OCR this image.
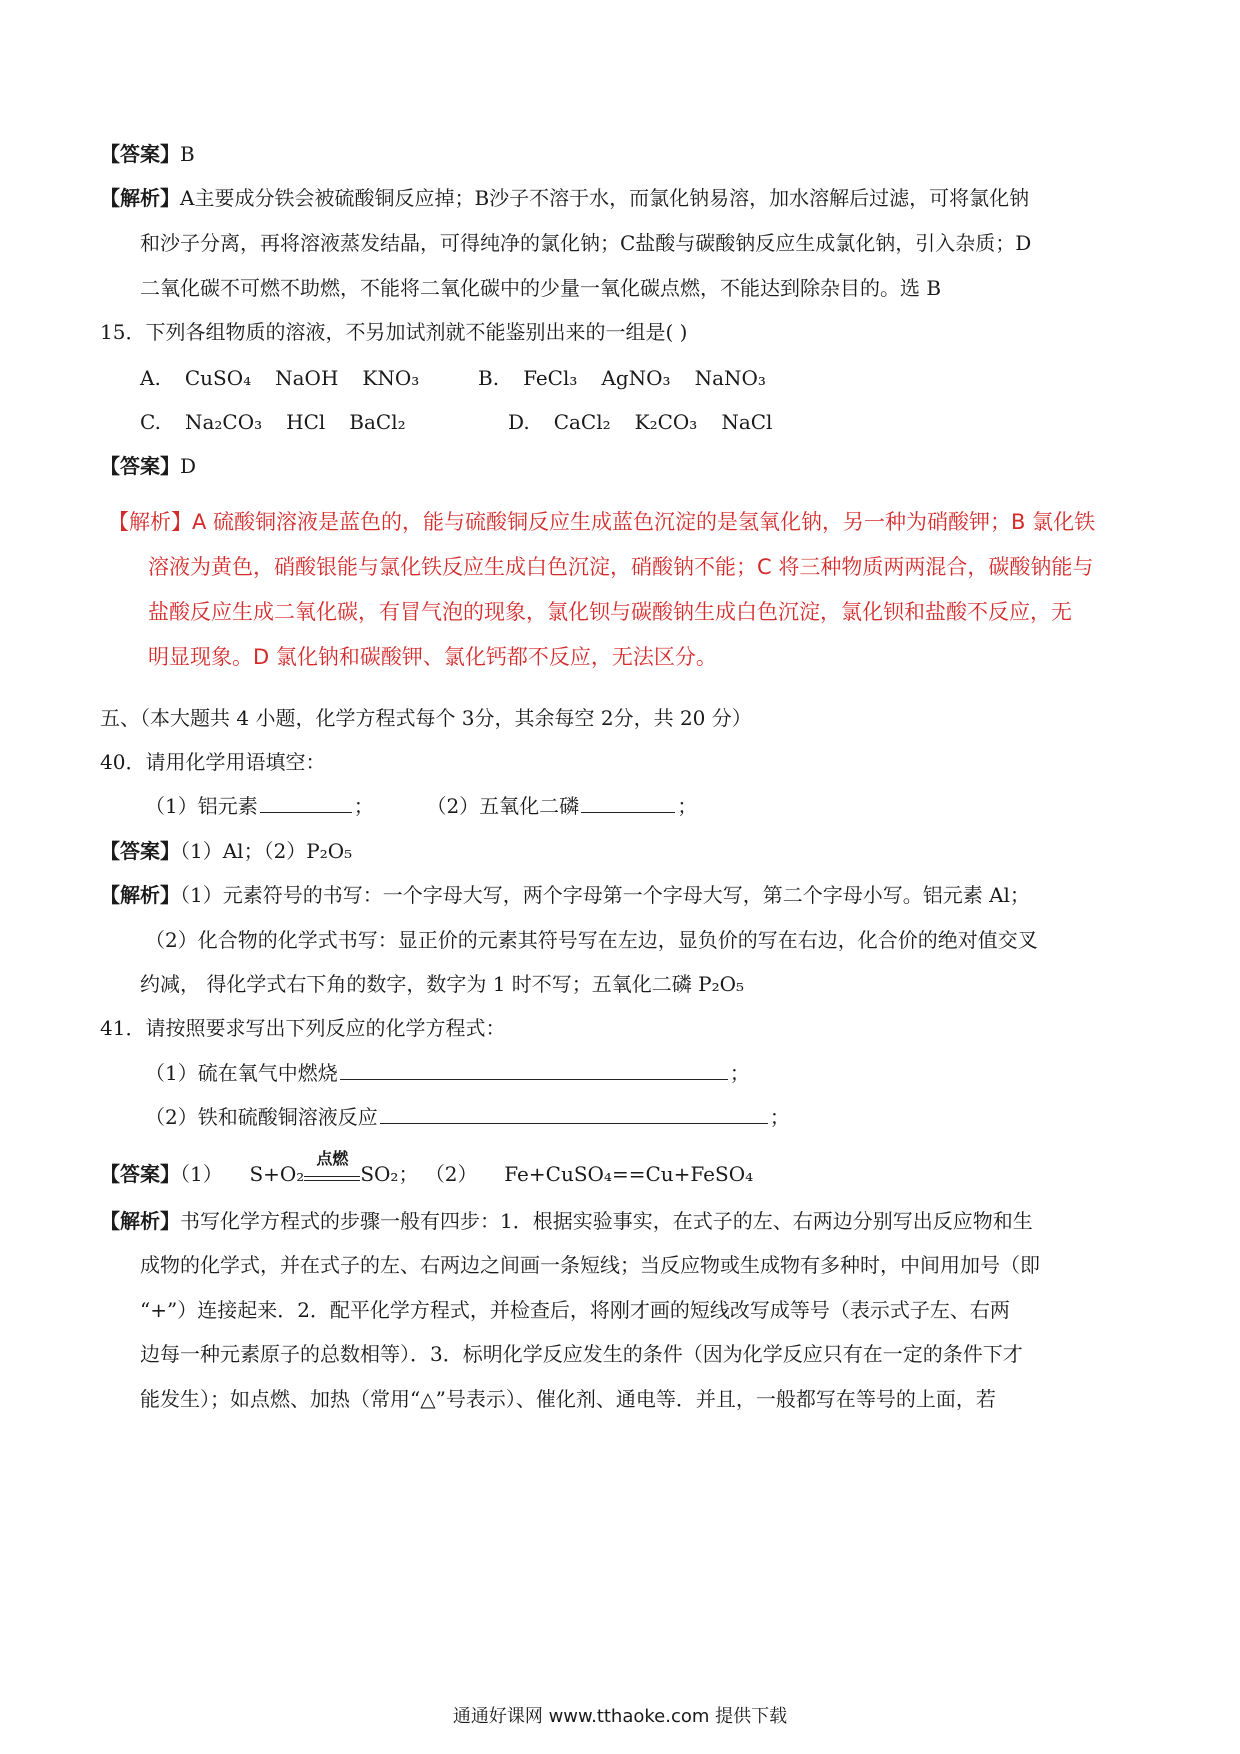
【答案】B
【解析】A主要成分铁会被硫酸铜反应掉；B沙子不溶于水，而氯化钠易溶，加水溶解后过滤，可将氯化钠
和沙子分离，再将溶液蒸发结晶，可得纯净的氯化钠；C盐酸与碳酸钠反应生成氯化钠，引入杂质；D
二氧化碳不可燃不助燃，不能将二氧化碳中的少量一氧化碳点燃，不能达到除杂目的。选 B
15．下列各组物质的溶液，不另加试剂就不能鉴别出来的一组是( )
A. CuSO₄ NaOH KNO₃	B. FeCl₃ AgNO₃ NaNO₃
C. Na₂CO₃ HCl BaCl₂	D. CaCl₂ K₂CO₃ NaCl
【答案】D
【解析】A 硫酸铜溶液是蓝色的，能与硫酸铜反应生成蓝色沉淀的是氢氧化钠，另一种为硝酸钾；B 氯化铁
溶液为黄色，硝酸银能与氯化铁反应生成白色沉淀，硝酸钠不能；C 将三种物质两两混合，碳酸钠能与
盐酸反应生成二氧化碳，有冒气泡的现象，氯化钡与碳酸钠生成白色沉淀，氯化钡和盐酸不反应，无
明显现象。D 氯化钠和碳酸钾、氯化钙都不反应，无法区分。
五、（本大题共 4 小题，化学方程式每个 3分，其余每空 2分，共 20 分）
40．请用化学用语填空：
（1）铝元素	；	（2）五氧化二磷	；
【答案】（1）Al；（2）P₂O₅
【解析】（1）元素符号的书写：一个字母大写，两个字母第一个字母大写，第二个字母小写。铝元素 Al；
（2）化合物的化学式书写：显正价的元素其符号写在左边，显负价的写在右边，化合价的绝对值交叉
约减， 得化学式右下角的数字，数字为 1 时不写；五氧化二磷 P₂O₅
41．请按照要求写出下列反应的化学方程式：
（1）硫在氧气中燃烧	；
（2）铁和硫酸铜溶液反应	；
【答案】（1） S+O₂
点燃
SO₂； （2） Fe+CuSO₄==Cu+FeSO₄
【解析】书写化学方程式的步骤一般有四步：1．根据实验事实，在式子的左、右两边分别写出反应物和生
成物的化学式，并在式子的左、右两边之间画一条短线；当反应物或生成物有多种时，中间用加号（即
“+”）连接起来．2．配平化学方程式，并检查后，将刚才画的短线改写成等号（表示式子左、右两
边每一种元素原子的总数相等）．3．标明化学反应发生的条件（因为化学反应只有在一定的条件下才
能发生）；如点燃、加热（常用“△”号表示）、催化剂、通电等．并且，一般都写在等号的上面，若
通通好课网 www.tthaoke.com 提供下载
